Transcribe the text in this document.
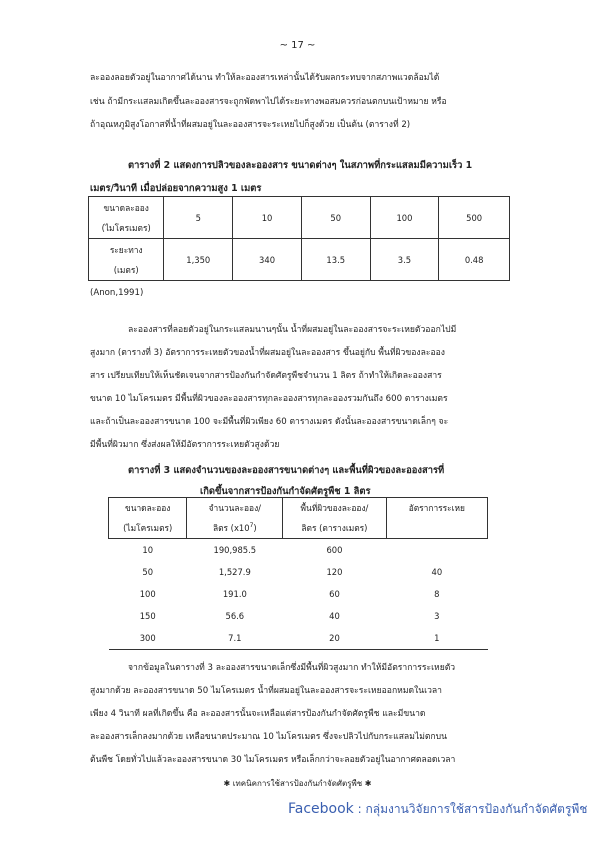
~ 17 ~
ละอองลอยตัวอยู่ในอากาศได้นาน ทำให้ละอองสารเหล่านั้นได้รับผลกระทบจากสภาพแวดล้อมได้
เช่น ถ้ามีกระแสลมเกิดขึ้นละอองสารจะถูกพัดพาไปได้ระยะทางพอสมควรก่อนตกบนเป้าหมาย หรือ
ถ้าอุณหภูมิสูงโอกาสที่น้ำที่ผสมอยู่ในละอองสารจะระเหยไปก็สูงด้วย เป็นต้น (ตารางที่ 2)
ตารางที่ 2 แสดงการปลิวของละอองสาร ขนาดต่างๆ ในสภาพที่กระแสลมมีความเร็ว 1
เมตร/วินาที เมื่อปล่อยจากความสูง 1 เมตร
ขนาดละออง
(ไมโครเมตร)	5	10	50	100	500

ระยะทาง
(เมตร)	1,350	340	13.5	3.5	0.48
(Anon,1991)
ละอองสารที่ลอยตัวอยู่ในกระแสลมนานๆนั้น น้ำที่ผสมอยู่ในละอองสารจะระเหยตัวออกไปมี
สูงมาก (ตารางที่ 3) อัตราการระเหยตัวของน้ำที่ผสมอยู่ในละอองสาร ขึ้นอยู่กับ พื้นที่ผิวของละออง
สาร เปรียบเทียบให้เห็นชัดเจนจากสารป้องกันกำจัดศัตรูพืชจำนวน 1 ลิตร ถ้าทำให้เกิดละอองสาร
ขนาด 10 ไมโครเมตร มีพื้นที่ผิวของละอองสารทุกละอองสารทุกละอองรวมกันถึง 600 ตารางเมตร
และถ้าเป็นละอองสารขนาด 100 จะมีพื้นที่ผิวเพียง 60 ตารางเมตร ดังนั้นละอองสารขนาดเล็กๆ จะ
มีพื้นที่ผิวมาก ซึ่งส่งผลให้มีอัตราการระเหยตัวสูงด้วย
ตารางที่ 3 แสดงจำนวนของละอองสารขนาดต่างๆ และพื้นที่ผิวของละอองสารที่
เกิดขึ้นจากสารป้องกันกำจัดศัตรูพืช 1 ลิตร
ขนาดละออง	จำนวนละออง/	พื้นที่ผิวของละออง/	อัตราการระเหย
(ไมโครเมตร)	ลิตร $(x10^7)$	ลิตร (ตารางเมตร)	
10	190,985.5	600	
50	1,527.9	120	40
100	191.0	60	8
150	56.6	40	3
300	7.1	20	1
จากข้อมูลในตารางที่ 3 ละอองสารขนาดเล็กซึ่งมีพื้นที่ผิวสูงมาก ทำให้มีอัตราการระเหยตัว
สูงมากด้วย ละอองสารขนาด 50 ไมโครเมตร น้ำที่ผสมอยู่ในละอองสารจะระเหยออกหมดในเวลา
เพียง 4 วินาที ผลที่เกิดขึ้น คือ ละอองสารนั้นจะเหลือแต่สารป้องกันกำจัดศัตรูพืช และมีขนาด
ละอองสารเล็กลงมากด้วย เหลือขนาดประมาณ 10 ไมโครเมตร ซึ่งจะปลิวไปกับกระแสลมไม่ตกบน
ต้นพืช โดยทั่วไปแล้วละอองสารขนาด 30 ไมโครเมตร หรือเล็กกว่าจะลอยตัวอยู่ในอากาศตลอดเวลา
✱ เทคนิคการใช้สารป้องกันกำจัดศัตรูพืช ✱
Facebook : กลุ่มงานวิจัยการใช้สารป้องกันกำจัดศัตรูพืช
